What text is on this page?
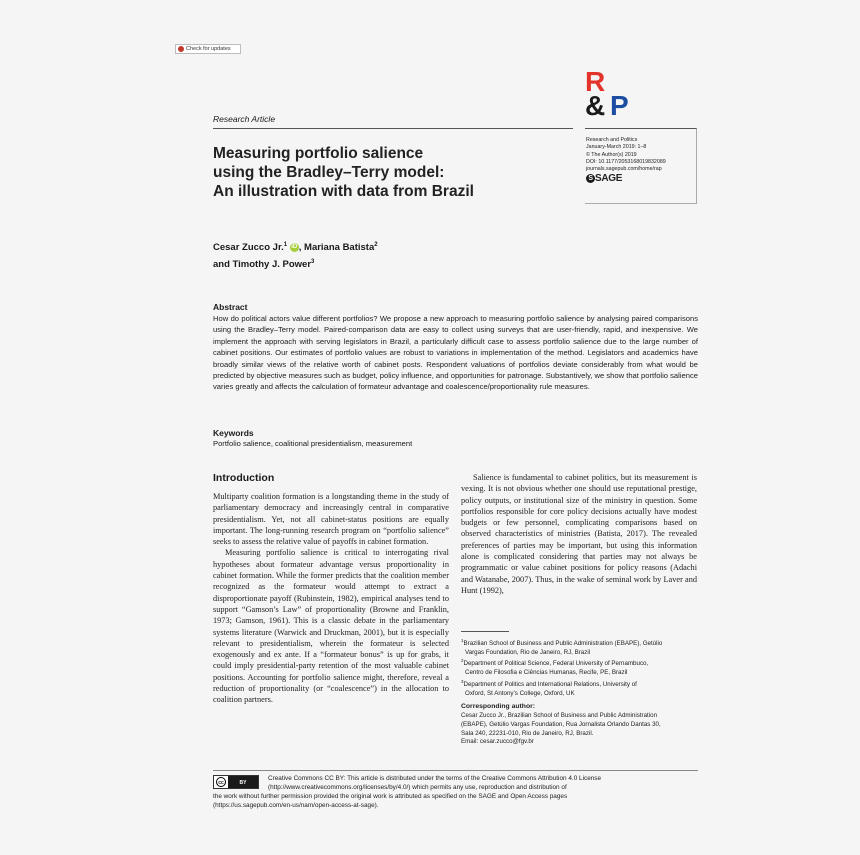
Check for updates
R
& P
Research Article
Research and Politics
January-March 2019: 1–8
© The Author(s) 2019
DOI: 10.1177/2053168019832089
journals.sagepub.com/home/rap
S SAGE
Measuring portfolio salience
using the Bradley–Terry model:
An illustration with data from Brazil
Cesar Zucco Jr.$^1$ iD , Mariana Batista$^2$
and Timothy J. Power$^3$
Abstract
How do political actors value different portfolios? We propose a new approach to measuring portfolio salience by analysing paired comparisons using the Bradley–Terry model. Paired-comparison data are easy to collect using surveys that are user-friendly, rapid, and inexpensive. We implement the approach with serving legislators in Brazil, a particularly difficult case to assess portfolio salience due to the large number of cabinet positions. Our estimates of portfolio values are robust to variations in implementation of the method. Legislators and academics have broadly similar views of the relative worth of cabinet posts. Respondent valuations of portfolios deviate considerably from what would be predicted by objective measures such as budget, policy influence, and opportunities for patronage. Substantively, we show that portfolio salience varies greatly and affects the calculation of formateur advantage and coalescence/proportionality rule measures.
Keywords
Portfolio salience, coalitional presidentialism, measurement
Introduction

Multiparty coalition formation is a longstanding theme in the study of parliamentary democracy and increasingly central in comparative presidentialism. Yet, not all cabinet-status positions are equally important. The long-running research program on “portfolio salience” seeks to assess the relative value of payoffs in cabinet formation.

Measuring portfolio salience is critical to interrogating rival hypotheses about formateur advantage versus proportionality in cabinet formation. While the former predicts that the coalition member recognized as the formateur would attempt to extract a disproportionate payoff (Rubinstein, 1982), empirical analyses tend to support “Gamson’s Law” of proportionality (Browne and Franklin, 1973; Gamson, 1961). This is a classic debate in the parliamentary systems literature (Warwick and Druckman, 2001), but it is especially relevant to presidentialism, wherein the formateur is selected exogenously and ex ante. If a “formateur bonus” is up for grabs, it could imply presidential-party retention of the most valuable cabinet positions. Accounting for portfolio salience might, therefore, reveal a reduction of proportionality (or “coalescence”) in the allocation to coalition partners.

Salience is fundamental to cabinet politics, but its measurement is vexing. It is not obvious whether one should use reputational prestige, policy outputs, or institutional size of the ministry in question. Some portfolios responsible for core policy decisions actually have modest budgets or few personnel, complicating comparisons based on observed characteristics of ministries (Batista, 2017). The revealed preferences of parties may be important, but using this information alone is complicated considering that parties may not always be programmatic or value cabinet positions for policy reasons (Adachi and Watanabe, 2007). Thus, in the wake of seminal work by Laver and Hunt (1992),

$^1$Brazilian School of Business and Public Administration (EBAPE), Getúlio
Vargas Foundation, Rio de Janeiro, RJ, Brazil
$^2$Department of Political Science, Federal University of Pernambuco,
Centro de Filosofia e Ciências Humanas, Recife, PE, Brazil
$^3$Department of Politics and International Relations, University of
Oxford, St Antony’s College, Oxford, UK
Corresponding author:
Cesar Zucco Jr., Brazilian School of Business and Public Administration
(EBAPE), Getúlio Vargas Foundation, Rua Jornalista Orlando Dantas 30,
Sala 240, 22231-010, Rio de Janeiro, RJ, Brazil.
Email: cesar.zucco@fgv.br
cc	BY
Creative Commons CC BY: This article is distributed under the terms of the Creative Commons Attribution 4.0 License
(http://www.creativecommons.org/licenses/by/4.0/) which permits any use, reproduction and distribution of
the work without further permission provided the original work is attributed as specified on the SAGE and Open Access pages
(https://us.sagepub.com/en-us/nam/open-access-at-sage).
